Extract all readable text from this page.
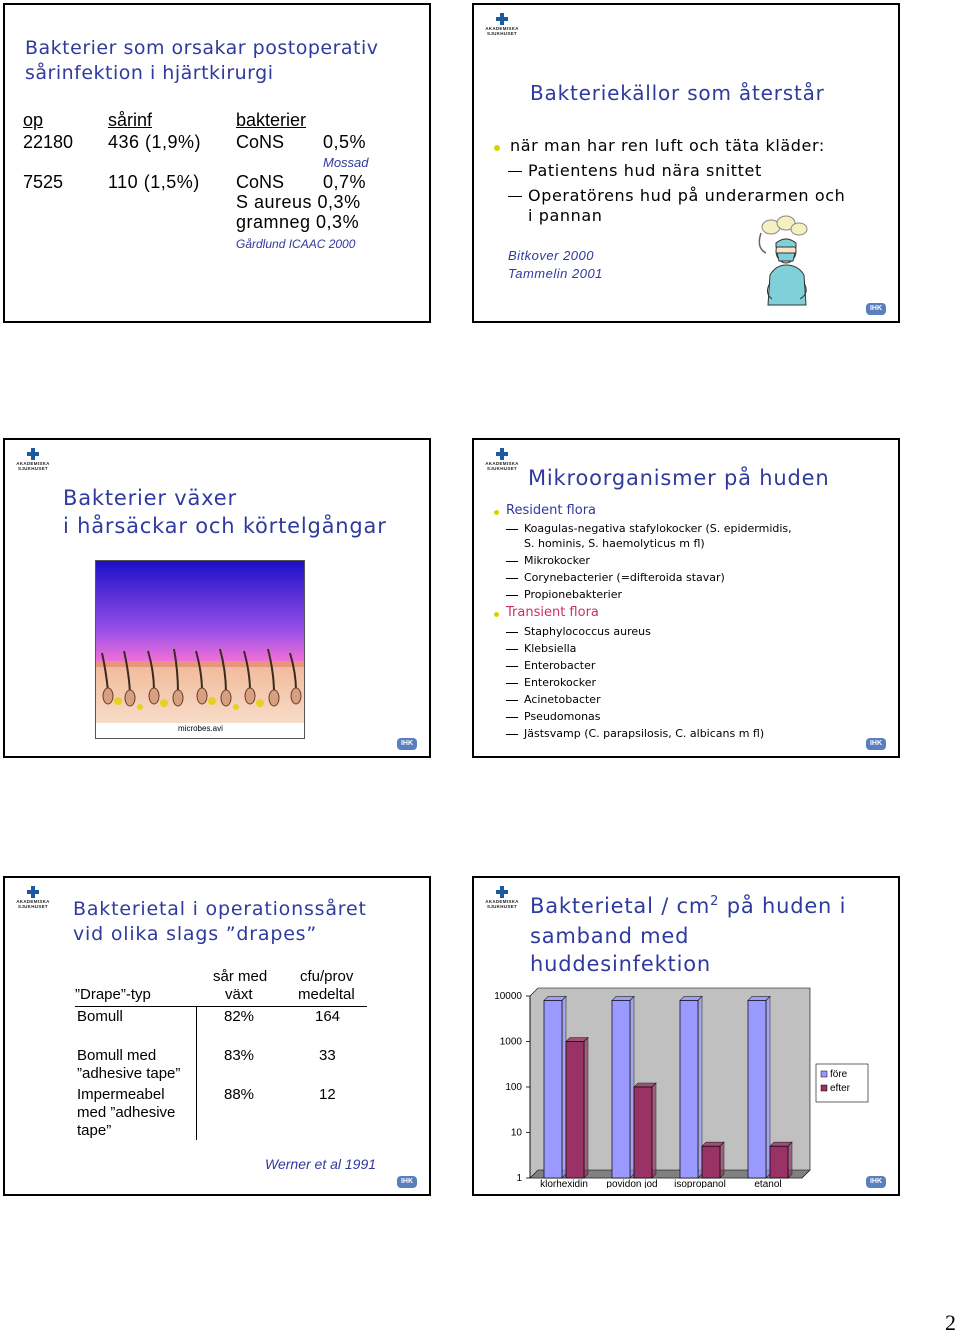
Bakterier som orsakar postoperativ
sårinfektion i hjärtkirurgi
op	sårinf	bakterier
22180 436 (1,9%) CoNS 0,5%
Mossad
7525 110 (1,5%) CoNS 0,7%
S aureus 0,3%
gramneg 0,3%
Gårdlund ICAAC 2000
AKADEMISKA
SJUKHUSET
Bakteriekällor som återstår
när man har ren luft och täta kläder:
Patientens hud nära snittet
Operatörens hud på underarmen och
i pannan
Bitkover 2000
Tammelin 2001
IHK
AKADEMISKA
SJUKHUSET
Bakterier växer
i hårsäckar och körtelgångar
microbes.avi
IHK
AKADEMISKA
SJUKHUSET Mikroorganismer på huden
Resident flora
Koagulas-negativa stafylokocker (S. epidermidis,
S. hominis, S. haemolyticus m fl)
Mikrokocker
Corynebacterier (=difteroida stavar)
Propionebakterier
Transient flora
Staphylococcus aureus
Klebsiella
Enterobacter
Enterokocker
Acinetobacter
Pseudomonas
Jästsvamp (C. parapsilosis, C. albicans m fl)
IHK
AKADEMISKA
SJUKHUSET Bakterietal i operationssåret
vid olika slags ”drapes”
sår med cfu/prov
”Drape”-typ	växt	medeltal
Bomull	82%	164
Bomull med
”adhesive tape”
83%	33
Impermeabel
med ”adhesive
tape”
88%	12
Werner et al 1991
IHK
AKADEMISKA
SJUKHUSET Bakterietal / $cm^2$ på huden i
samband med
huddesinfektion
10000
1000
100
10
1
klorhexidin povidon jod isopropanol	etanol
före
efter
IHK
2
